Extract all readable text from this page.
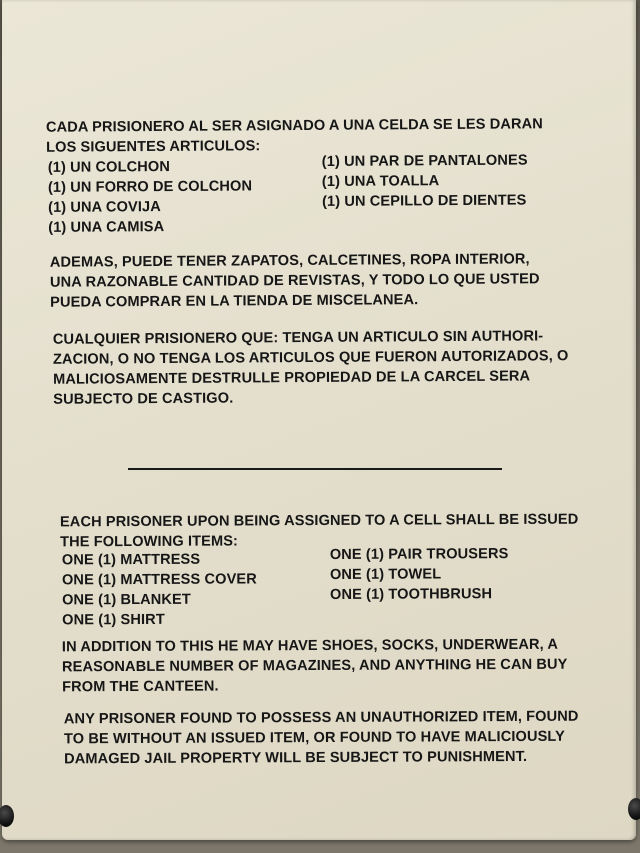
CADA PRISIONERO AL SER ASIGNADO A UNA CELDA SE LES DARAN
LOS SIGUENTES ARTICULOS:
(1) UN COLCHON
(1) UN FORRO DE COLCHON
(1) UNA COVIJA
(1) UNA CAMISA
(1) UN PAR DE PANTALONES
(1) UNA TOALLA
(1) UN CEPILLO DE DIENTES
ADEMAS, PUEDE TENER ZAPATOS, CALCETINES, ROPA INTERIOR,
UNA RAZONABLE CANTIDAD DE REVISTAS, Y TODO LO QUE USTED
PUEDA COMPRAR EN LA TIENDA DE MISCELANEA.
CUALQUIER PRISIONERO QUE: TENGA UN ARTICULO SIN AUTHORI-
ZACION, O NO TENGA LOS ARTICULOS QUE FUERON AUTORIZADOS, O
MALICIOSAMENTE DESTRULLE PROPIEDAD DE LA CARCEL SERA
SUBJECTO DE CASTIGO.
EACH PRISONER UPON BEING ASSIGNED TO A CELL SHALL BE ISSUED
THE FOLLOWING ITEMS:
ONE (1) MATTRESS
ONE (1) MATTRESS COVER
ONE (1) BLANKET
ONE (1) SHIRT
ONE (1) PAIR TROUSERS
ONE (1) TOWEL
ONE (1) TOOTHBRUSH
IN ADDITION TO THIS HE MAY HAVE SHOES, SOCKS, UNDERWEAR, A
REASONABLE NUMBER OF MAGAZINES, AND ANYTHING HE CAN BUY
FROM THE CANTEEN.
ANY PRISONER FOUND TO POSSESS AN UNAUTHORIZED ITEM, FOUND
TO BE WITHOUT AN ISSUED ITEM, OR FOUND TO HAVE MALICIOUSLY
DAMAGED JAIL PROPERTY WILL BE SUBJECT TO PUNISHMENT.
